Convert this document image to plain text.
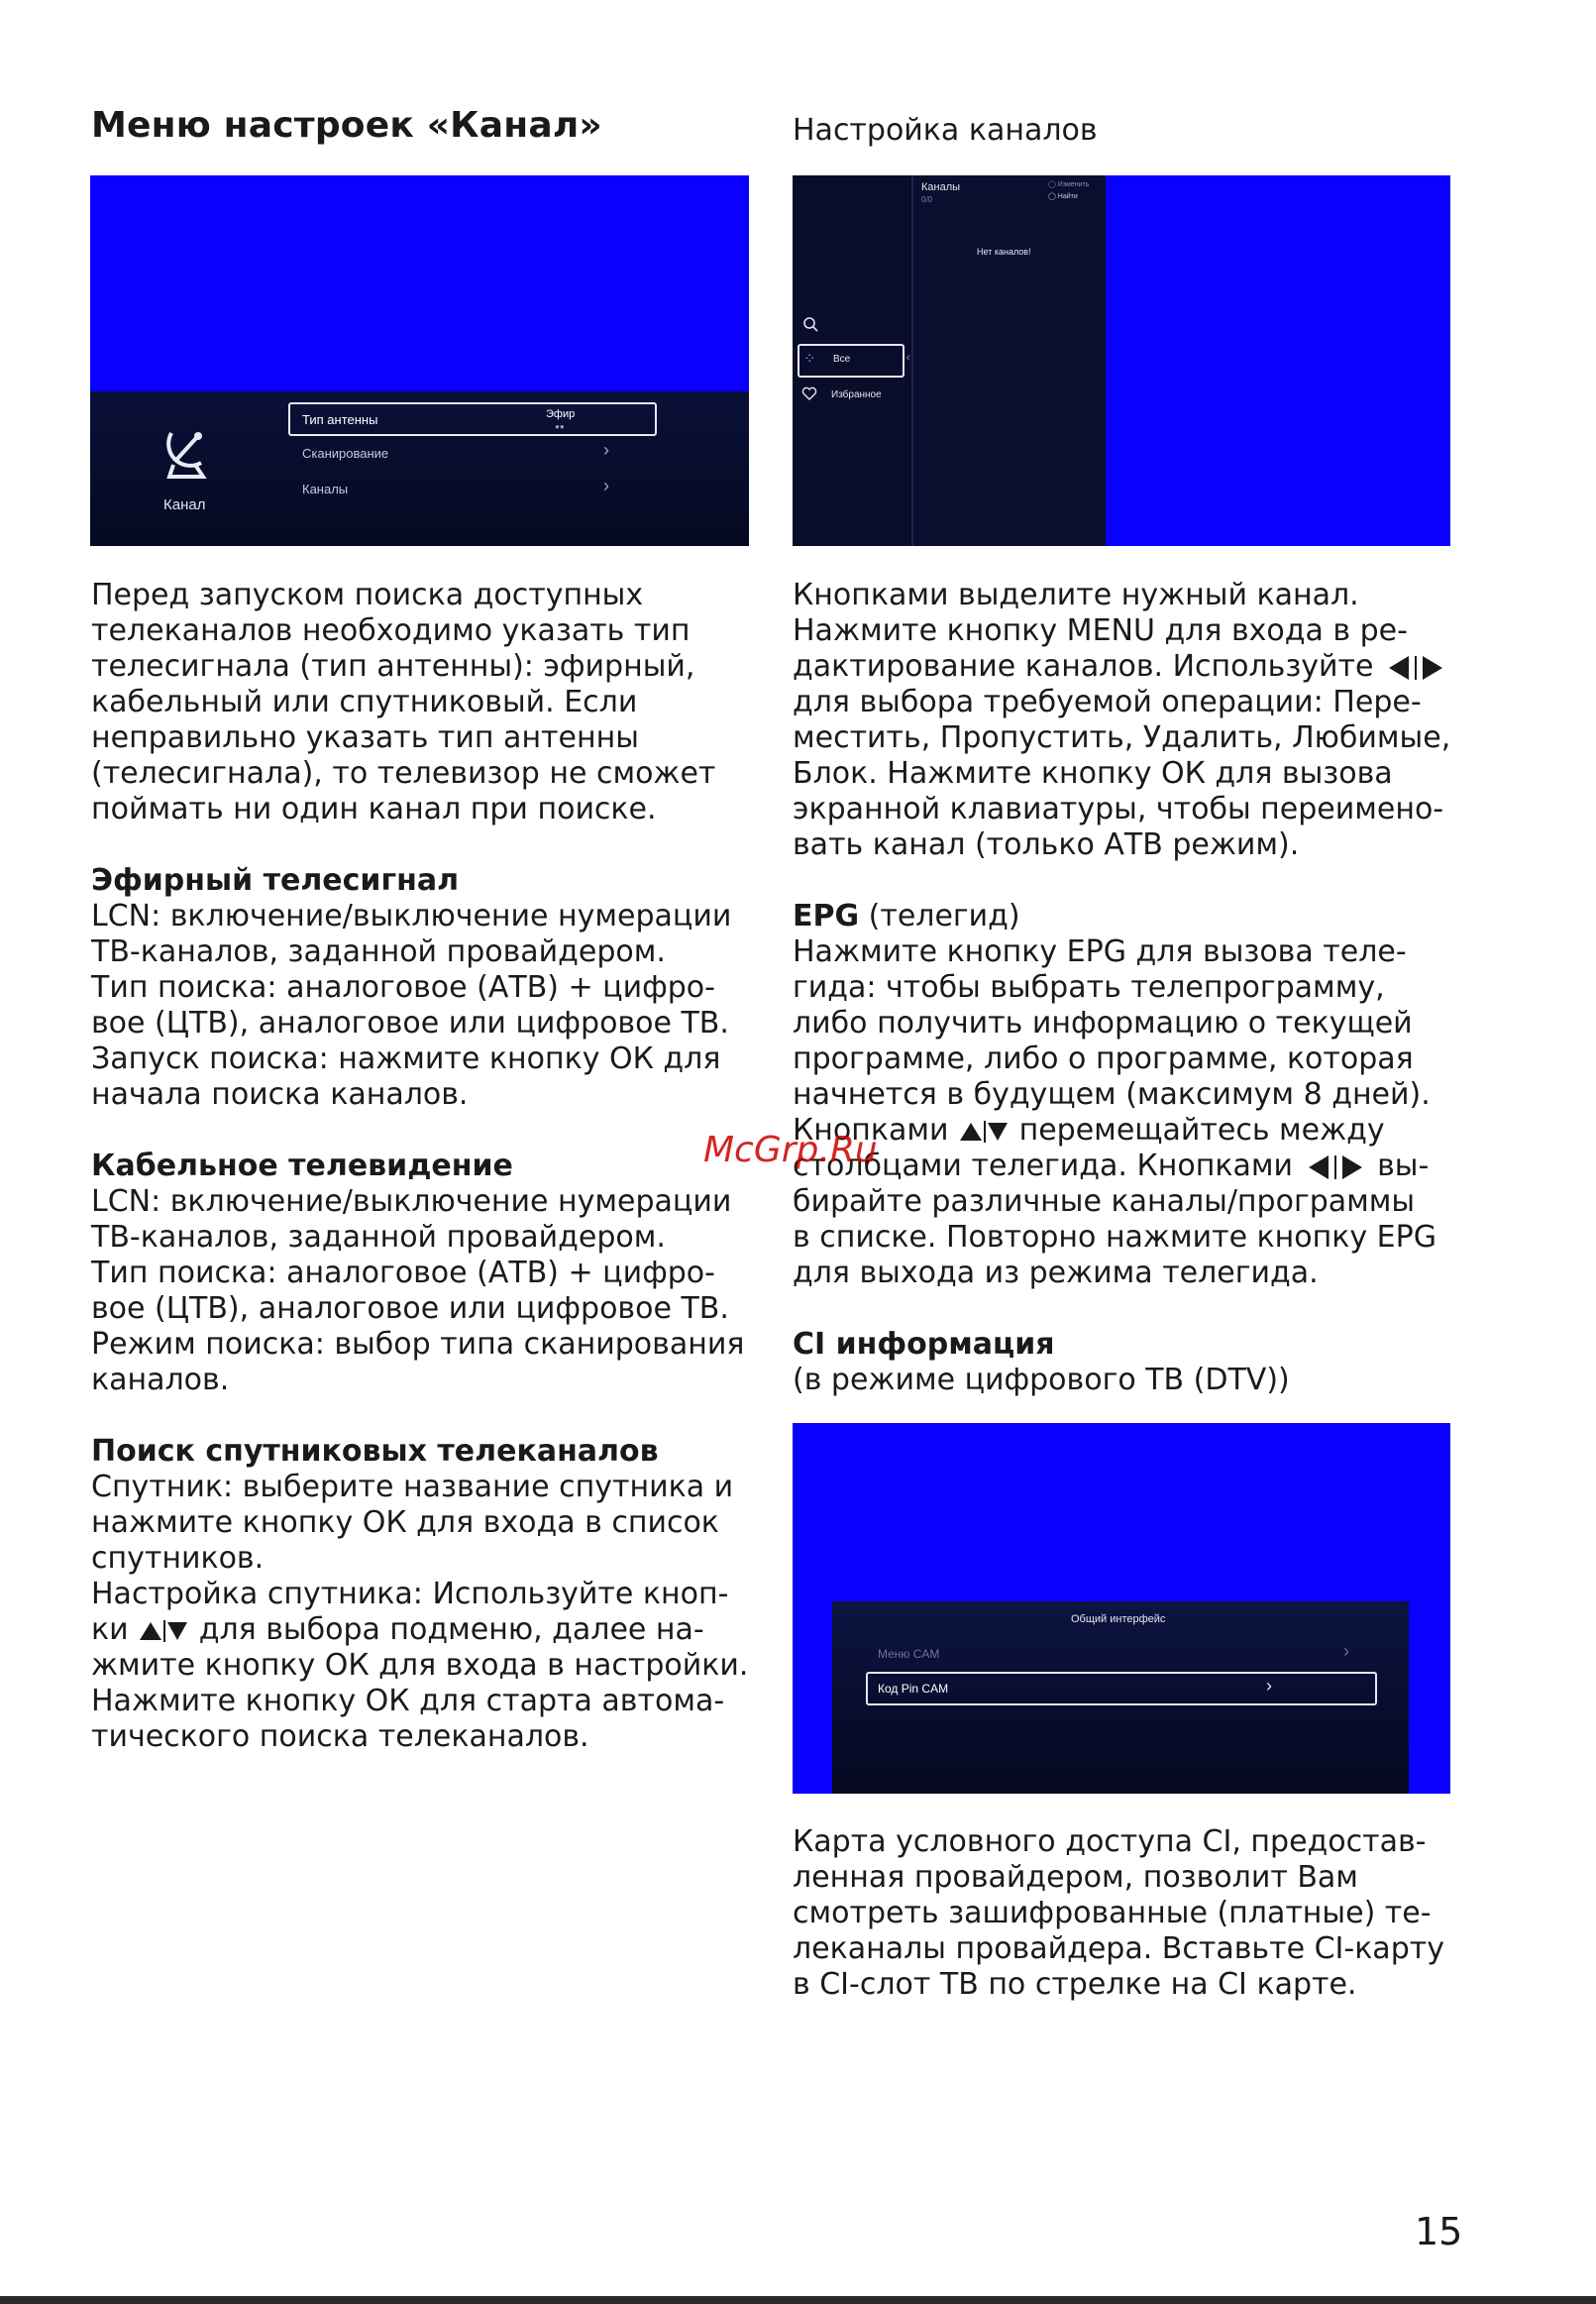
Меню настроек «Канал»
Канал
Тип антенны	Эфир
●●
Сканирование	›
Каналы	›
Перед запуском поиска доступных
телеканалов необходимо указать тип
телесигнала (тип антенны): эфирный,
кабельный или спутниковый. Если
неправильно указать тип антенны
(телесигнала), то телевизор не сможет
поймать ни один канал при поиске.
Эфирный телесигнал
LCN: включение/выключение нумерации
ТВ-каналов, заданной провайдером.
Тип поиска: аналоговое (АТВ) + цифро-
вое (ЦТВ), аналоговое или цифровое ТВ.
Запуск поиска: нажмите кнопку ОК для
начала поиска каналов.
Кабельное телевидение
LCN: включение/выключение нумерации
ТВ-каналов, заданной провайдером.
Тип поиска: аналоговое (АТВ) + цифро-
вое (ЦТВ), аналоговое или цифровое ТВ.
Режим поиска: выбор типа сканирования
каналов.
Поиск спутниковых телеканалов
Спутник: выберите название спутника и
нажмите кнопку ОК для входа в список
спутников.
Настройка спутника: Используйте кноп-
ки для выбора подменю, далее на-
жмите кнопку ОК для входа в настройки.
Нажмите кнопку ОК для старта автома-
тического поиска телеканалов.
Настройка каналов
Каналы
0/0
◯ Изменить
◯ Найти
Нет каналов!
⁘ Все	‹
Избранное
Кнопками выделите нужный канал.
Нажмите кнопку MENU для входа в ре-
дактирование каналов. Используйте
для выбора требуемой операции: Пере-
местить, Пропустить, Удалить, Любимые,
Блок. Нажмите кнопку ОК для вызова
экранной клавиатуры, чтобы переимено-
вать канал (только АТВ режим).
EPG (телегид)
Нажмите кнопку EPG для вызова теле-
гида: чтобы выбрать телепрограмму,
либо получить информацию о текущей
программе, либо о программе, которая
начнется в будущем (максимум 8 дней).
Кнопками перемещайтесь между
столбцами телегида. Кнопками	вы-
бирайте различные каналы/программы
в списке. Повторно нажмите кнопку EPG
для выхода из режима телегида.
CI информация
(в режиме цифрового ТВ (DTV))
Общий интерфейс
Меню CAM	›
Код Pin CAM	›
Карта условного доступа CI, предостав-
ленная провайдером, позволит Вам
смотреть зашифрованные (платные) те-
леканалы провайдера. Вставьте CI-карту
в CI-слот ТВ по стрелке на CI карте.
McGrp.Ru
15
